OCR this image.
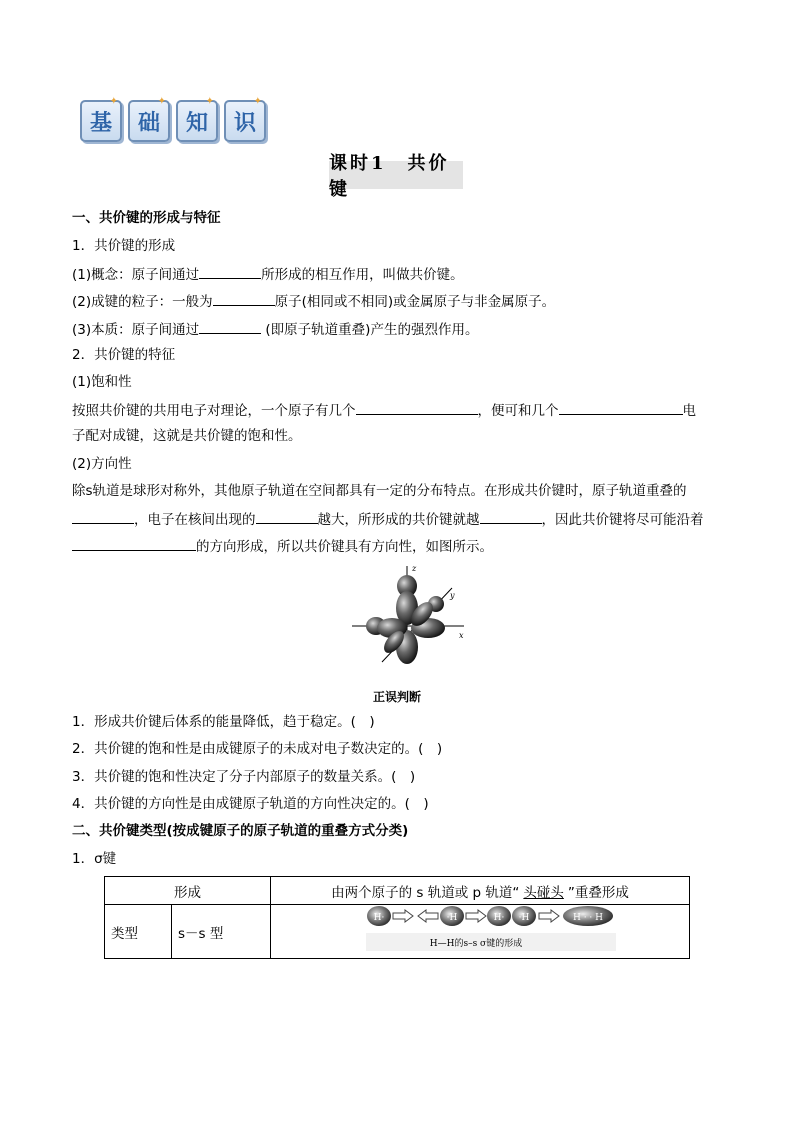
✦
基
✦
础
✦
知
✦
识
课时1　共价键
一、共价键的形成与特征
1．共价键的形成
(1)概念：原子间通过	所形成的相互作用，叫做共价键。
(2)成键的粒子：一般为	原子(相同或不相同)或金属原子与非金属原子。
(3)本质：原子间通过	(即原子轨道重叠)产生的强烈作用。
2．共价键的特征
(1)饱和性
按照共价键的共用电子对理论，一个原子有几个	，便可和几个	电
子配对成键，这就是共价键的饱和性。
(2)方向性
除s轨道是球形对称外，其他原子轨道在空间都具有一定的分布特点。在形成共价键时，原子轨道重叠的
，电子在核间出现的	越大，所形成的共价键就越	，因此共价键将尽可能沿着
的方向形成，所以共价键具有方向性，如图所示。
z
y
x
正误判断
1．形成共价键后体系的能量降低，趋于稳定。(　)
2．共价键的饱和性是由成键原子的未成对电子数决定的。(　)
3．共价键的饱和性决定了分子内部原子的数量关系。(　)
4．共价键的方向性是由成键原子轨道的方向性决定的。(　)
二、共价键类型(按成键原子的原子轨道的重叠方式分类)
1．σ键
形成		由两个原子的 s 轨道或 p 轨道“ 头碰头 ”重叠形成
类型	s－s 型	
H·	·H	H· ·H	H · · H
H—H的s–s σ键的形成
